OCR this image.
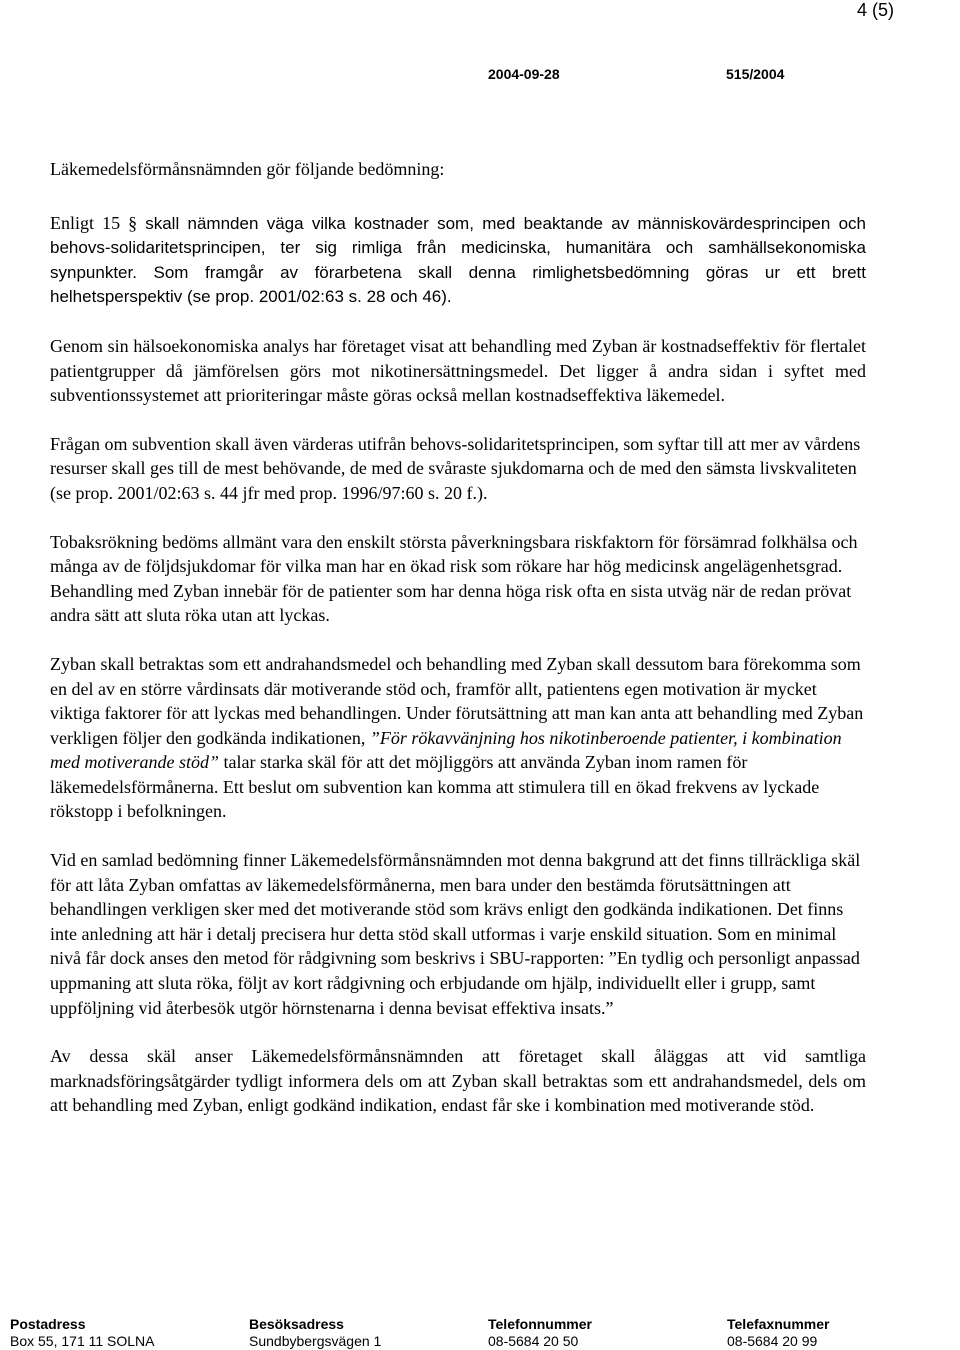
4 (5)
2004-09-28	515/2004

Läkemedelsförmånsnämnden gör följande bedömning:

Enligt 15 § skall nämnden väga vilka kostnader som, med beaktande av människovärdesprincipen och behovs-solidaritetsprincipen, ter sig rimliga från medicinska, humanitära och samhällsekonomiska synpunkter. Som framgår av förarbetena skall denna rimlighetsbedömning göras ur ett brett helhetsperspektiv (se prop. 2001/02:63 s. 28 och 46).

Genom sin hälsoekonomiska analys har företaget visat att behandling med Zyban är kostnadseffektiv för flertalet patientgrupper då jämförelsen görs mot nikotinersättningsmedel. Det ligger å andra sidan i syftet med subventionssystemet att prioriteringar måste göras också mellan kostnadseffektiva läkemedel.

Frågan om subvention skall även värderas utifrån behovs-solidaritetsprincipen, som syftar till att mer av vårdens resurser skall ges till de mest behövande, de med de svåraste sjukdomarna och de med den sämsta livskvaliteten (se prop. 2001/02:63 s. 44 jfr med prop. 1996/97:60 s. 20 f.).

Tobaksrökning bedöms allmänt vara den enskilt största påverkningsbara riskfaktorn för försämrad folkhälsa och många av de följdsjukdomar för vilka man har en ökad risk som rökare har hög medicinsk angelägenhetsgrad. Behandling med Zyban innebär för de patienter som har denna höga risk ofta en sista utväg när de redan prövat andra sätt att sluta röka utan att lyckas.

Zyban skall betraktas som ett andrahandsmedel och behandling med Zyban skall dessutom bara förekomma som en del av en större vårdinsats där motiverande stöd och, framför allt, patientens egen motivation är mycket viktiga faktorer för att lyckas med behandlingen. Under förutsättning att man kan anta att behandling med Zyban verkligen följer den godkända indikationen, ”För rökavvänjning hos nikotinberoende patienter, i kombination med motiverande stöd” talar starka skäl för att det möjliggörs att använda Zyban inom ramen för läkemedelsförmånerna. Ett beslut om subvention kan komma att stimulera till en ökad frekvens av lyckade rökstopp i befolkningen.

Vid en samlad bedömning finner Läkemedelsförmånsnämnden mot denna bakgrund att det finns tillräckliga skäl för att låta Zyban omfattas av läkemedelsförmånerna, men bara under den bestämda förutsättningen att behandlingen verkligen sker med det motiverande stöd som krävs enligt den godkända indikationen. Det finns inte anledning att här i detalj precisera hur detta stöd skall utformas i varje enskild situation. Som en minimal nivå får dock anses den metod för rådgivning som beskrivs i SBU-rapporten: ”En tydlig och personligt anpassad uppmaning att sluta röka, följt av kort rådgivning och erbjudande om hjälp, individuellt eller i grupp, samt uppföljning vid återbesök utgör hörnstenarna i denna bevisat effektiva insats.”

Av dessa skäl anser Läkemedelsförmånsnämnden att företaget skall åläggas att vid samtliga marknadsföringsåtgärder tydligt informera dels om att Zyban skall betraktas som ett andrahandsmedel, dels om att behandling med Zyban, enligt godkänd indikation, endast får ske i kombination med motiverande stöd.

Postadress
Box 55, 171 11 SOLNA
Besöksadress
Sundbybergsvägen 1
Telefonnummer
08-5684 20 50
Telefaxnummer
08-5684 20 99
